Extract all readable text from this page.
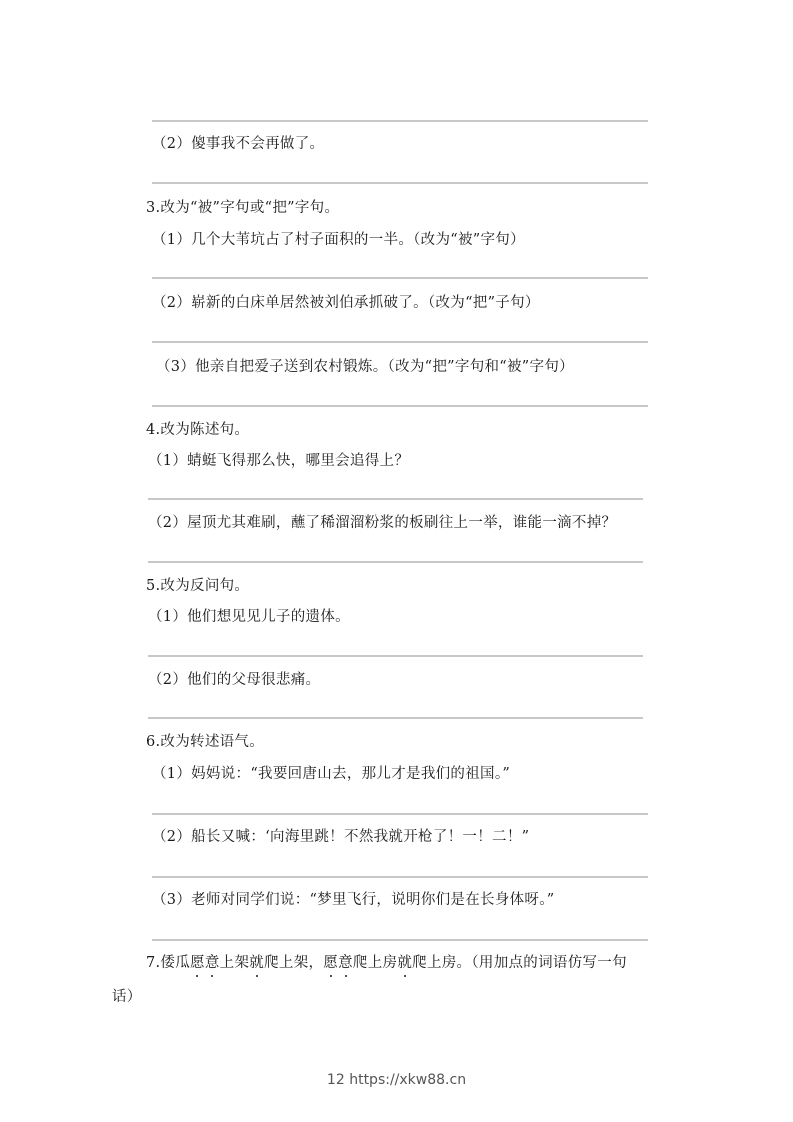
（2）傻事我不会再做了。
3.改为“被”字句或“把”字句。
（1）几个大苇坑占了村子面积的一半。（改为“被”字句）
（2）崭新的白床单居然被刘伯承抓破了。（改为“把”子句）
（3）他亲自把爱子送到农村锻炼。（改为“把”字句和“被”字句）
4.改为陈述句。
（1）蜻蜓飞得那么快，哪里会追得上？
（2）屋顶尤其难刷，蘸了稀溜溜粉浆的板刷往上一举，谁能一滴不掉？
5.改为反问句。
（1）他们想见见儿子的遗体。
（2）他们的父母很悲痛。
6.改为转述语气。
（1）妈妈说：“我要回唐山去，那儿才是我们的祖国。”
（2）船长又喊：‘向海里跳！不然我就开枪了！一！二！”
（3）老师对同学们说：“梦里飞行，说明你们是在长身体呀。”
7.倭瓜愿意上架就爬上架，愿意爬上房就爬上房。（用加点的词语仿写一句
话）
12 https://xkw88.cn
